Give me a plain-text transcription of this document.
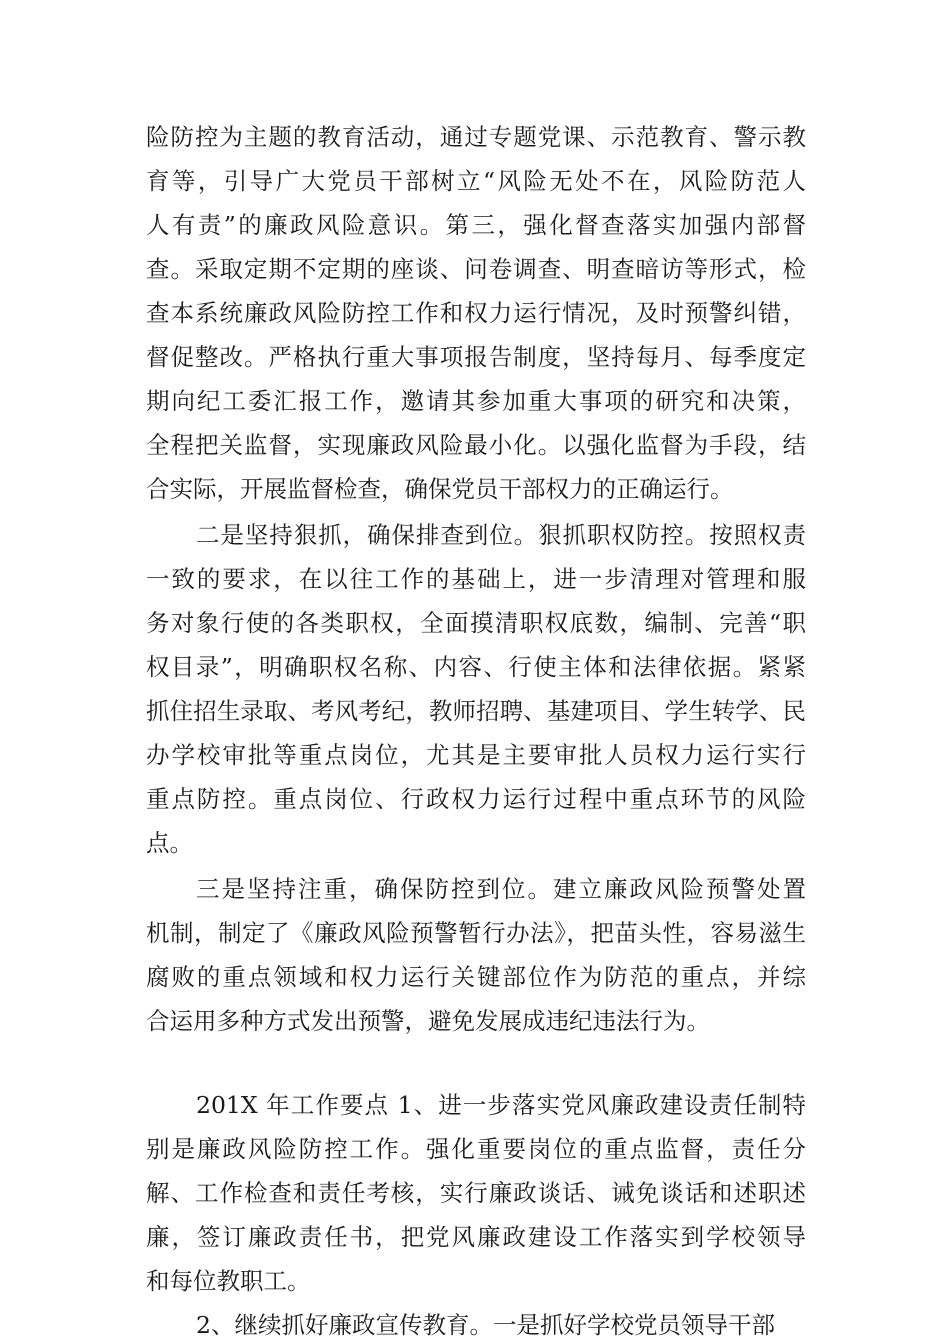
险防控为主题的教育活动，通过专题党课、示范教育、警示教
育等，引导广大党员干部树立“风险无处不在，风险防范人
人有责”的廉政风险意识。第三，强化督查落实加强内部督
查。采取定期不定期的座谈、问卷调查、明查暗访等形式，检
查本系统廉政风险防控工作和权力运行情况，及时预警纠错，
督促整改。严格执行重大事项报告制度，坚持每月、每季度定
期向纪工委汇报工作，邀请其参加重大事项的研究和决策，
全程把关监督，实现廉政风险最小化。以强化监督为手段，结
合实际，开展监督检查，确保党员干部权力的正确运行。
二是坚持狠抓，确保排查到位。狠抓职权防控。按照权责
一致的要求，在以往工作的基础上，进一步清理对管理和服
务对象行使的各类职权，全面摸清职权底数，编制、完善“职
权目录”，明确职权名称、内容、行使主体和法律依据。紧紧
抓住招生录取、考风考纪，教师招聘、基建项目、学生转学、民
办学校审批等重点岗位，尤其是主要审批人员权力运行实行
重点防控。重点岗位、行政权力运行过程中重点环节的风险
点。
三是坚持注重，确保防控到位。建立廉政风险预警处置
机制，制定了《廉政风险预警暂行办法》，把苗头性，容易滋生
腐败的重点领域和权力运行关键部位作为防范的重点，并综
合运用多种方式发出预警，避免发展成违纪违法行为。
201X 年工作要点 1、进一步落实党风廉政建设责任制特
别是廉政风险防控工作。强化重要岗位的重点监督，责任分
解、工作检查和责任考核，实行廉政谈话、诫免谈话和述职述
廉，签订廉政责任书，把党风廉政建设工作落实到学校领导
和每位教职工。
2、继续抓好廉政宣传教育。一是抓好学校党员领导干部
